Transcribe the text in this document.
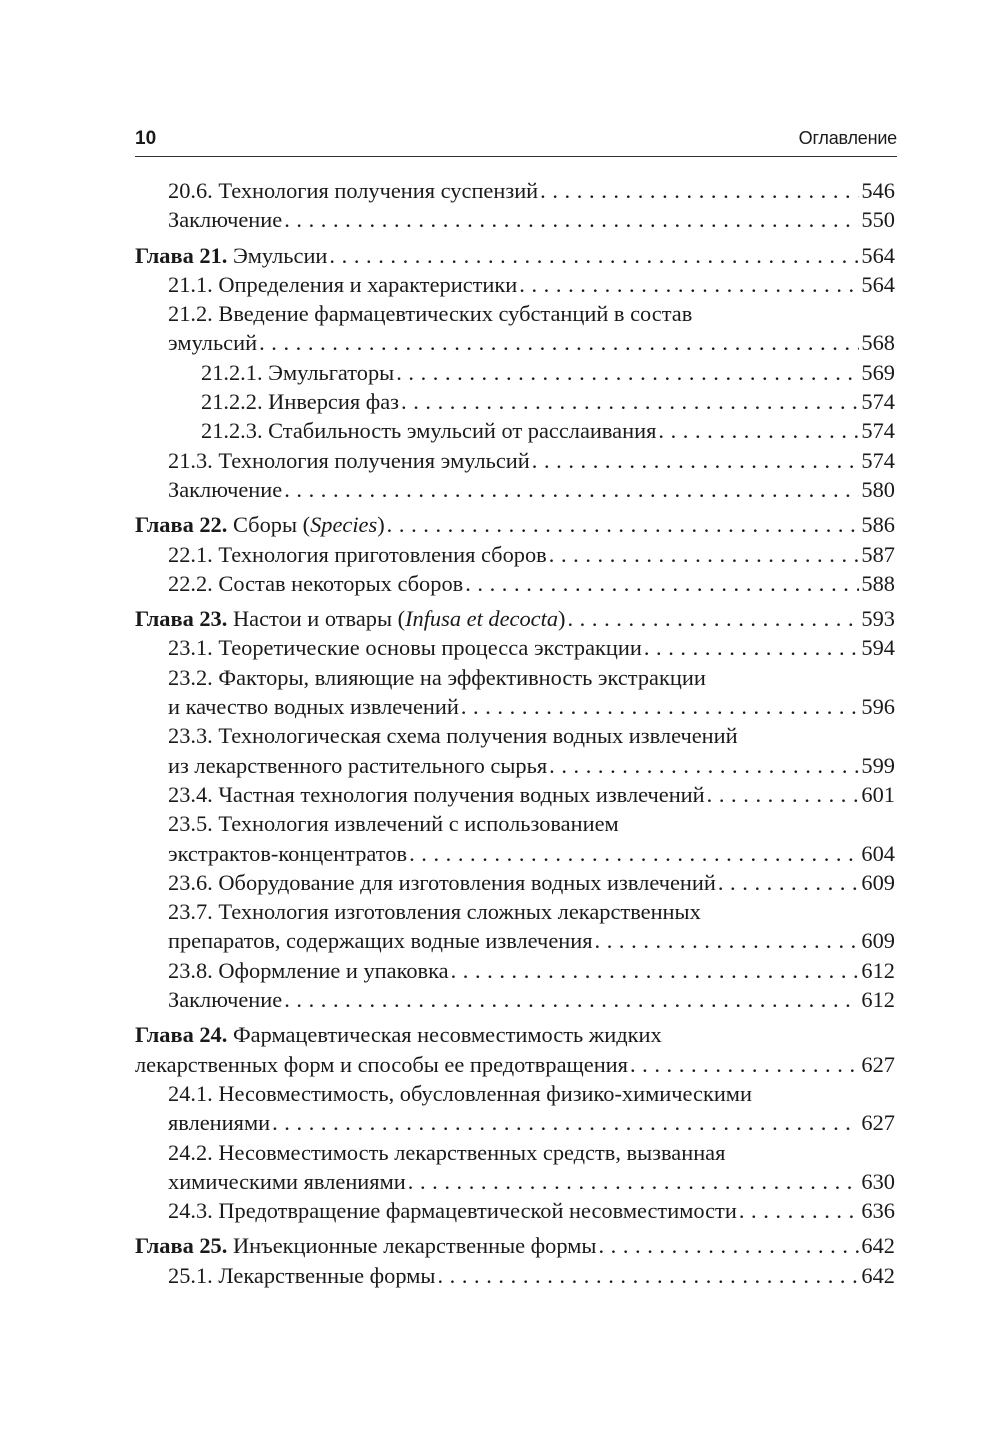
10	Оглавление
20.6. Технология получения суспензий . . .	546
Заключение . . .	550
Глава 21. Эмульсии . . .	564
21.1. Определения и характеристики . . .	564
21.2. Введение фармацевтических субстанций в состав
эмульсий . . .	568
21.2.1. Эмульгаторы . . .	569
21.2.2. Инверсия фаз . . .	574
21.2.3. Стабильность эмульсий от расслаивания . . .	574
21.3. Технология получения эмульсий . . .	574
Заключение . . .	580
Глава 22. Сборы (Species) . . .	586
22.1. Технология приготовления сборов . . .	587
22.2. Состав некоторых сборов . . .	588
Глава 23. Настои и отвары (Infusa et decocta) . . .	593
23.1. Теоретические основы процесса экстракции . . .	594
23.2. Факторы, влияющие на эффективность экстракции
и качество водных извлечений . . .	596
23.3. Технологическая схема получения водных извлечений
из лекарственного растительного сырья . . .	599
23.4. Частная технология получения водных извлечений . . .	601
23.5. Технология извлечений с использованием
экстрактов-концентратов . . .	604
23.6. Оборудование для изготовления водных извлечений . . .	609
23.7. Технология изготовления сложных лекарственных
препаратов, содержащих водные извлечения . . .	609
23.8. Оформление и упаковка . . .	612
Заключение . . .	612
Глава 24. Фармацевтическая несовместимость жидких
лекарственных форм и способы ее предотвращения . . .	627
24.1. Несовместимость, обусловленная физико-химическими
явлениями . . .	627
24.2. Несовместимость лекарственных средств, вызванная
химическими явлениями . . .	630
24.3. Предотвращение фармацевтической несовместимости . . .	636
Глава 25. Инъекционные лекарственные формы . . .	642
25.1. Лекарственные формы . . .	642
